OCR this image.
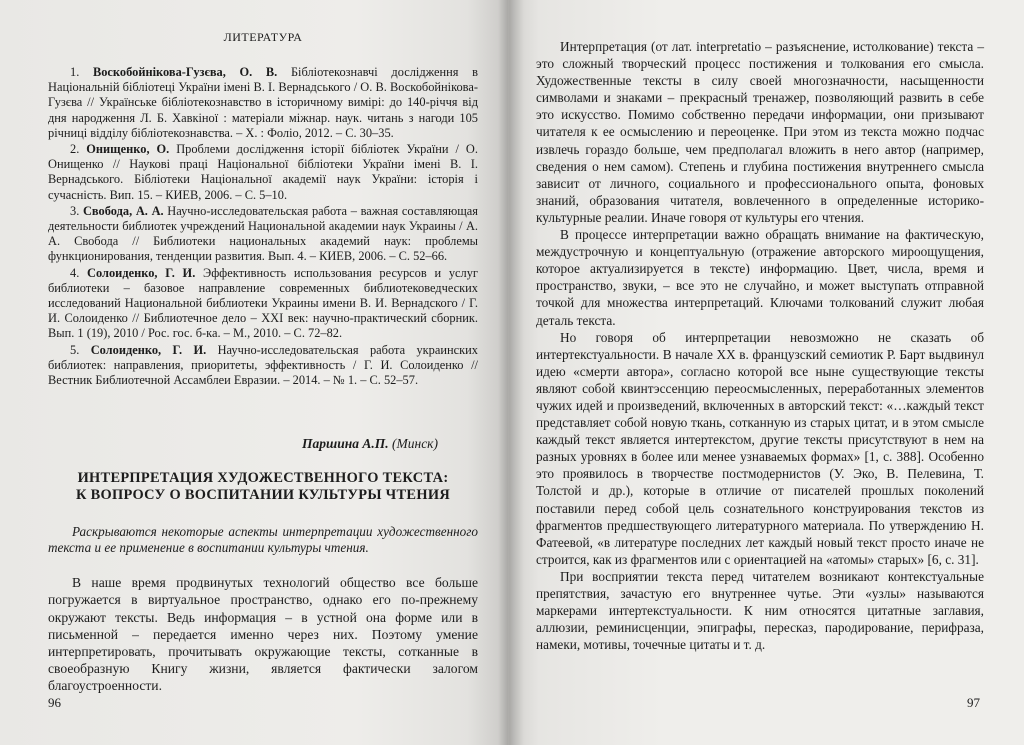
ЛИТЕРАТУРА

1. Воскобойнікова-Гузєва, О. В. Бібліотекознавчі дослідження в Національній бібліотеці України імені В. І. Вернадського / О. В. Воскобойнікова-Гузєва // Українське бібліотекознавство в історичному вимірі: до 140-річчя від дня народження Л. Б. Хавкіної : матеріали міжнар. наук. читань з нагоди 105 річниці відділу бібліотекознавства. – Х. : Фоліо, 2012. – С. 30–35.

2. Онищенко, О. Проблеми дослідження історії бібліотек України / О. Онищенко // Наукові праці Національної бібліотеки України імені В. І. Вернадського. Бібліотеки Національної академії наук України: історія і сучасність. Вип. 15. – КИЕВ, 2006. – С. 5–10.

3. Свобода, А. А. Научно-исследовательская работа – важная составляющая деятельности библиотек учреждений Национальной академии наук Украины / А. А. Свобода // Библиотеки национальных академий наук: проблемы функционирования, тенденции развития. Вып. 4. – КИЕВ, 2006. – С. 52–66.

4. Солоиденко, Г. И. Эффективность использования ресурсов и услуг библиотеки – базовое направление современных библиотековедческих исследований Национальной библиотеки Украины имени В. И. Вернадского / Г. И. Солоиденко // Библиотечное дело – XXI век: научно-практический сборник. Вып. 1 (19), 2010 / Рос. гос. б-ка. – М., 2010. – С. 72–82.

5. Солоиденко, Г. И. Научно-исследовательская работа украинских библиотек: направления, приоритеты, эффективность / Г. И. Солоиденко // Вестник Библиотечной Ассамблеи Евразии. – 2014. – № 1. – С. 52–57.

Паршина А.П. (Минск)
ИНТЕРПРЕТАЦИЯ ХУДОЖЕСТВЕННОГО ТЕКСТА:
К ВОПРОСУ О ВОСПИТАНИИ КУЛЬТУРЫ ЧТЕНИЯ

Раскрываются некоторые аспекты интерпретации художественного текста и ее применение в воспитании культуры чтения.

В наше время продвинутых технологий общество все больше погружается в виртуальное пространство, однако его по-прежнему окружают тексты. Ведь информация – в устной она форме или в письменной – передается именно через них. Поэтому умение интерпретировать, прочитывать окружающие тексты, сотканные в своеобразную Книгу жизни, является фактически залогом благоустроенности.

96

Интерпретация (от лат. interpretatio – разъяснение, истолкование) текста – это сложный творческий процесс постижения и толкования его смысла. Художественные тексты в силу своей многозначности, насыщенности символами и знаками – прекрасный тренажер, позволяющий развить в себе это искусство. Помимо собственно передачи информации, они призывают читателя к ее осмыслению и переоценке. При этом из текста можно подчас извлечь гораздо больше, чем предполагал вложить в него автор (например, сведения о нем самом). Степень и глубина постижения внутреннего смысла зависит от личного, социального и профессионального опыта, фоновых знаний, образования читателя, вовлеченного в определенные историко-культурные реалии. Иначе говоря от культуры его чтения.

В процессе интерпретации важно обращать внимание на фактическую, междустрочную и концептуальную (отражение авторского мироощущения, которое актуализируется в тексте) информацию. Цвет, числа, время и пространство, звуки, – все это не случайно, и может выступать отправной точкой для множества интерпретаций. Ключами толкований служит любая деталь текста.

Но говоря об интерпретации невозможно не сказать об интертекстуальности. В начале XX в. французский семиотик Р. Барт выдвинул идею «смерти автора», согласно которой все ныне существующие тексты являют собой квинтэссенцию переосмысленных, переработанных элементов чужих идей и произведений, включенных в авторский текст: «…каждый текст представляет собой новую ткань, сотканную из старых цитат, и в этом смысле каждый текст является интертекстом, другие тексты присутствуют в нем на разных уровнях в более или менее узнаваемых формах» [1, с. 388]. Особенно это проявилось в творчестве постмодернистов (У. Эко, В. Пелевина, Т. Толстой и др.), которые в отличие от писателей прошлых поколений поставили перед собой цель сознательного конструирования текстов из фрагментов предшествующего литературного материала. По утверждению Н. Фатеевой, «в литературе последних лет каждый новый текст просто иначе не строится, как из фрагментов или с ориентацией на «атомы» старых» [6, с. 31].

При восприятии текста перед читателем возникают контекстуальные препятствия, зачастую его внутреннее чутье. Эти «узлы» называются маркерами интертекстуальности. К ним относятся цитатные заглавия, аллюзии, реминисценции, эпиграфы, пересказ, пародирование, перифраза, намеки, мотивы, точечные цитаты и т. д.

97
